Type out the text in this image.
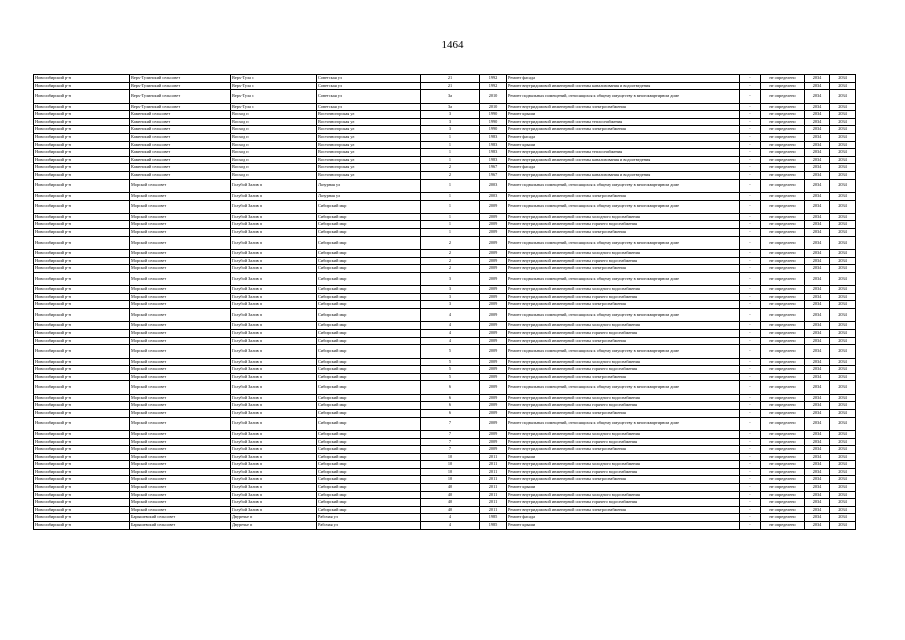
1464
Новосибирский р-н	Верх-Тулинский сельсовет	Верх-Тула с	Советская ул	21	1992	Ремонт фасада	-	не определено	2034	2034
Новосибирский р-н	Верх-Тулинский сельсовет	Верх-Тула с	Советская ул	21	1992	Ремонт внутридомовой инженерной системы канализования и водоотведения	-	не определено	2034	2034
Новосибирский р-н	Верх-Тулинский сельсовет	Верх-Тула с	Советская ул	3а	2010	Ремонт подвальных помещений, относящихся к общему имуществу в многоквартирном доме	-	не определено	2034	2034
Новосибирский р-н	Верх-Тулинский сельсовет	Верх-Тула с	Советская ул	3а	2010	Ремонт внутридомовой инженерной системы электроснабжения	-	не определено	2034	2034
Новосибирский р-н	Каменский сельсовет	Восход п	Восточногорская ул	3	1990	Ремонт крыши	-	не определено	2034	2034
Новосибирский р-н	Каменский сельсовет	Восход п	Восточногорская ул	3	1990	Ремонт внутридомовой инженерной системы теплоснабжения	-	не определено	2034	2034
Новосибирский р-н	Каменский сельсовет	Восход п	Восточногорская ул	3	1990	Ремонт внутридомовой инженерной системы электроснабжения	-	не определено	2034	2034
Новосибирский р-н	Каменский сельсовет	Восход п	Восточногорская ул	1	1983	Ремонт фасада	-	не определено	2034	2034
Новосибирский р-н	Каменский сельсовет	Восход п	Восточногорская ул	1	1983	Ремонт крыши	-	не определено	2034	2034
Новосибирский р-н	Каменский сельсовет	Восход п	Восточногорская ул	1	1983	Ремонт внутридомовой инженерной системы теплоснабжения	-	не определено	2034	2034
Новосибирский р-н	Каменский сельсовет	Восход п	Восточногорская ул	1	1983	Ремонт внутридомовой инженерной системы канализования и водоотведения	-	не определено	2034	2034
Новосибирский р-н	Каменский сельсовет	Восход п	Восточногорская ул	2	1967	Ремонт фасада	-	не определено	2034	2034
Новосибирский р-н	Каменский сельсовет	Восход п	Восточногорская ул	2	1967	Ремонт внутридомовой инженерной системы канализования и водоотведения	-	не определено	2034	2034
Новосибирский р-н	Морской сельсовет	Голубой Залив п	Лазурная ул	1	2003	Ремонт подвальных помещений, относящихся к общему имуществу в многоквартирном доме	-	не определено	2034	2034
Новосибирский р-н	Морской сельсовет	Голубой Залив п	Лазурная ул	1	2003	Ремонт внутридомовой инженерной системы электроснабжения	-	не определено	2034	2034
Новосибирский р-н	Морской сельсовет	Голубой Залив п	Сибирский мкр	1	2009	Ремонт подвальных помещений, относящихся к общему имуществу в многоквартирном доме	-	не определено	2034	2034
Новосибирский р-н	Морской сельсовет	Голубой Залив п	Сибирский мкр	1	2009	Ремонт внутридомовой инженерной системы холодного водоснабжения	-	не определено	2034	2034
Новосибирский р-н	Морской сельсовет	Голубой Залив п	Сибирский мкр	1	2009	Ремонт внутридомовой инженерной системы горячего водоснабжения	-	не определено	2034	2034
Новосибирский р-н	Морской сельсовет	Голубой Залив п	Сибирский мкр	1	2009	Ремонт внутридомовой инженерной системы электроснабжения	-	не определено	2034	2034
Новосибирский р-н	Морской сельсовет	Голубой Залив п	Сибирский мкр	2	2009	Ремонт подвальных помещений, относящихся к общему имуществу в многоквартирном доме	-	не определено	2034	2034
Новосибирский р-н	Морской сельсовет	Голубой Залив п	Сибирский мкр	2	2009	Ремонт внутридомовой инженерной системы холодного водоснабжения	-	не определено	2034	2034
Новосибирский р-н	Морской сельсовет	Голубой Залив п	Сибирский мкр	2	2009	Ремонт внутридомовой инженерной системы горячего водоснабжения	-	не определено	2034	2034
Новосибирский р-н	Морской сельсовет	Голубой Залив п	Сибирский мкр	2	2009	Ремонт внутридомовой инженерной системы электроснабжения	-	не определено	2034	2034
Новосибирский р-н	Морской сельсовет	Голубой Залив п	Сибирский мкр	3	2009	Ремонт подвальных помещений, относящихся к общему имуществу в многоквартирном доме	-	не определено	2034	2034
Новосибирский р-н	Морской сельсовет	Голубой Залив п	Сибирский мкр	3	2009	Ремонт внутридомовой инженерной системы холодного водоснабжения	-	не определено	2034	2034
Новосибирский р-н	Морской сельсовет	Голубой Залив п	Сибирский мкр	3	2009	Ремонт внутридомовой инженерной системы горячего водоснабжения	-	не определено	2034	2034
Новосибирский р-н	Морской сельсовет	Голубой Залив п	Сибирский мкр	3	2009	Ремонт внутридомовой инженерной системы электроснабжения	-	не определено	2034	2034
Новосибирский р-н	Морской сельсовет	Голубой Залив п	Сибирский мкр	4	2009	Ремонт подвальных помещений, относящихся к общему имуществу в многоквартирном доме	-	не определено	2034	2034
Новосибирский р-н	Морской сельсовет	Голубой Залив п	Сибирский мкр	4	2009	Ремонт внутридомовой инженерной системы холодного водоснабжения	-	не определено	2034	2034
Новосибирский р-н	Морской сельсовет	Голубой Залив п	Сибирский мкр	4	2009	Ремонт внутридомовой инженерной системы горячего водоснабжения	-	не определено	2034	2034
Новосибирский р-н	Морской сельсовет	Голубой Залив п	Сибирский мкр	4	2009	Ремонт внутридомовой инженерной системы электроснабжения	-	не определено	2034	2034
Новосибирский р-н	Морской сельсовет	Голубой Залив п	Сибирский мкр	5	2009	Ремонт подвальных помещений, относящихся к общему имуществу в многоквартирном доме	-	не определено	2034	2034
Новосибирский р-н	Морской сельсовет	Голубой Залив п	Сибирский мкр	5	2009	Ремонт внутридомовой инженерной системы холодного водоснабжения	-	не определено	2034	2034
Новосибирский р-н	Морской сельсовет	Голубой Залив п	Сибирский мкр	5	2009	Ремонт внутридомовой инженерной системы горячего водоснабжения	-	не определено	2034	2034
Новосибирский р-н	Морской сельсовет	Голубой Залив п	Сибирский мкр	5	2009	Ремонт внутридомовой инженерной системы электроснабжения	-	не определено	2034	2034
Новосибирский р-н	Морской сельсовет	Голубой Залив п	Сибирский мкр	6	2009	Ремонт подвальных помещений, относящихся к общему имуществу в многоквартирном доме	-	не определено	2034	2034
Новосибирский р-н	Морской сельсовет	Голубой Залив п	Сибирский мкр	6	2009	Ремонт внутридомовой инженерной системы холодного водоснабжения	-	не определено	2034	2034
Новосибирский р-н	Морской сельсовет	Голубой Залив п	Сибирский мкр	6	2009	Ремонт внутридомовой инженерной системы горячего водоснабжения	-	не определено	2034	2034
Новосибирский р-н	Морской сельсовет	Голубой Залив п	Сибирский мкр	6	2009	Ремонт внутридомовой инженерной системы электроснабжения	-	не определено	2034	2034
Новосибирский р-н	Морской сельсовет	Голубой Залив п	Сибирский мкр	7	2009	Ремонт подвальных помещений, относящихся к общему имуществу в многоквартирном доме	-	не определено	2034	2034
Новосибирский р-н	Морской сельсовет	Голубой Залив п	Сибирский мкр	7	2009	Ремонт внутридомовой инженерной системы холодного водоснабжения	-	не определено	2034	2034
Новосибирский р-н	Морской сельсовет	Голубой Залив п	Сибирский мкр	7	2009	Ремонт внутридомовой инженерной системы горячего водоснабжения	-	не определено	2034	2034
Новосибирский р-н	Морской сельсовет	Голубой Залив п	Сибирский мкр	7	2009	Ремонт внутридомовой инженерной системы электроснабжения	-	не определено	2034	2034
Новосибирский р-н	Морской сельсовет	Голубой Залив п	Сибирский мкр	10	2011	Ремонт крыши	-	не определено	2034	2034
Новосибирский р-н	Морской сельсовет	Голубой Залив п	Сибирский мкр	10	2011	Ремонт внутридомовой инженерной системы холодного водоснабжения	-	не определено	2034	2034
Новосибирский р-н	Морской сельсовет	Голубой Залив п	Сибирский мкр	10	2011	Ремонт внутридомовой инженерной системы горячего водоснабжения	-	не определено	2034	2034
Новосибирский р-н	Морской сельсовет	Голубой Залив п	Сибирский мкр	10	2011	Ремонт внутридомовой инженерной системы электроснабжения	-	не определено	2034	2034
Новосибирский р-н	Морской сельсовет	Голубой Залив п	Сибирский мкр	40	2011	Ремонт крыши	-	не определено	2034	2034
Новосибирский р-н	Морской сельсовет	Голубой Залив п	Сибирский мкр	40	2011	Ремонт внутридомовой инженерной системы холодного водоснабжения	-	не определено	2034	2034
Новосибирский р-н	Морской сельсовет	Голубой Залив п	Сибирский мкр	40	2011	Ремонт внутридомовой инженерной системы горячего водоснабжения	-	не определено	2034	2034
Новосибирский р-н	Морской сельсовет	Голубой Залив п	Сибирский мкр	40	2011	Ремонт внутридомовой инженерной системы электроснабжения	-	не определено	2034	2034
Новосибирский р-н	Барышевский сельсовет	Двуречье п	Рабочая ул	4	1985	Ремонт фасада	-	не определено	2034	2034
Новосибирский р-н	Барышевский сельсовет	Двуречье п	Рабочая ул	4	1985	Ремонт крыши	-	не определено	2034	2034
